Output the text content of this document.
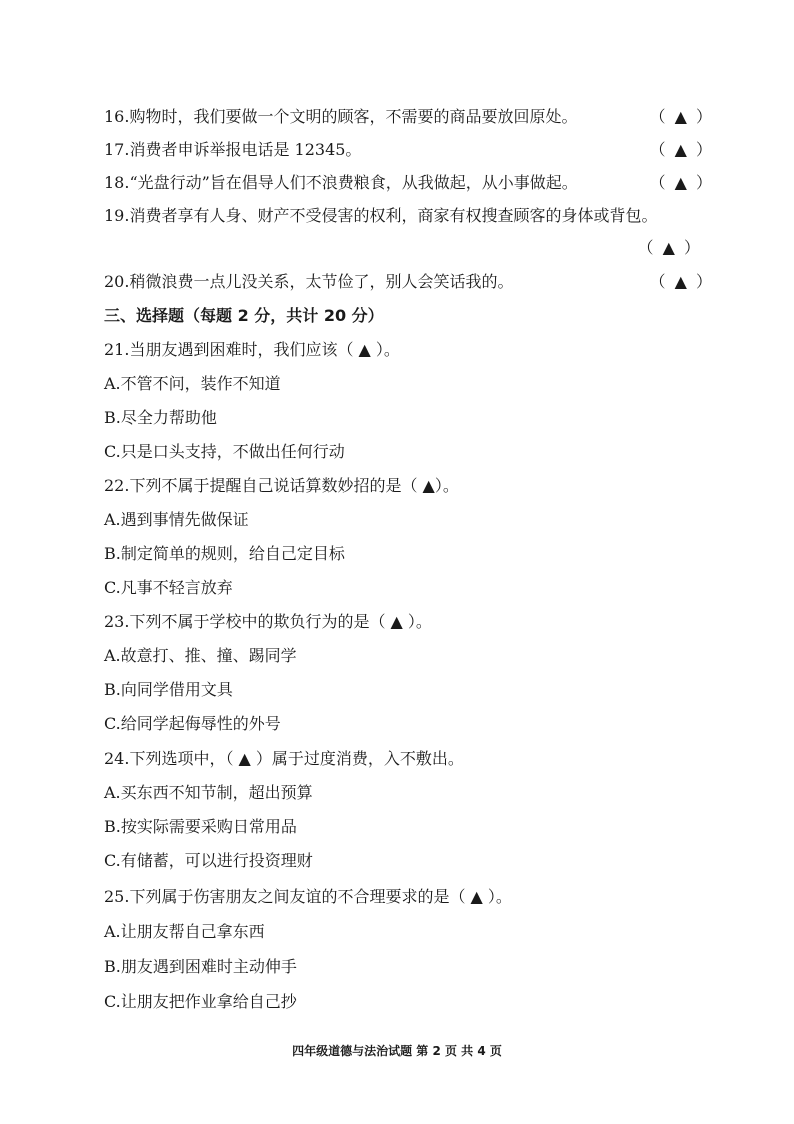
16.购物时，我们要做一个文明的顾客，不需要的商品要放回原处。	（ ▲ ）
17.消费者申诉举报电话是 12345。	（ ▲ ）
18.“光盘行动”旨在倡导人们不浪费粮食，从我做起，从小事做起。	（ ▲ ）
19.消费者享有人身、财产不受侵害的权利，商家有权搜查顾客的身体或背包。
（ ▲ ）
20.稍微浪费一点儿没关系，太节俭了，别人会笑话我的。	（ ▲ ）
三、选择题（每题 2 分，共计 20 分）
21.当朋友遇到困难时，我们应该（ ▲ ）。
A.不管不问，装作不知道
B.尽全力帮助他
C.只是口头支持，不做出任何行动
22.下列不属于提醒自己说话算数妙招的是（ ▲）。
A.遇到事情先做保证
B.制定简单的规则，给自己定目标
C.凡事不轻言放弃
23.下列不属于学校中的欺负行为的是（ ▲ ）。
A.故意打、推、撞、踢同学
B.向同学借用文具
C.给同学起侮辱性的外号
24.下列选项中，（ ▲ ）属于过度消费，入不敷出。
A.买东西不知节制，超出预算
B.按实际需要采购日常用品
C.有储蓄，可以进行投资理财
25.下列属于伤害朋友之间友谊的不合理要求的是（ ▲ ）。
A.让朋友帮自己拿东西
B.朋友遇到困难时主动伸手
C.让朋友把作业拿给自己抄
四年级道德与法治试题 第 2 页 共 4 页
